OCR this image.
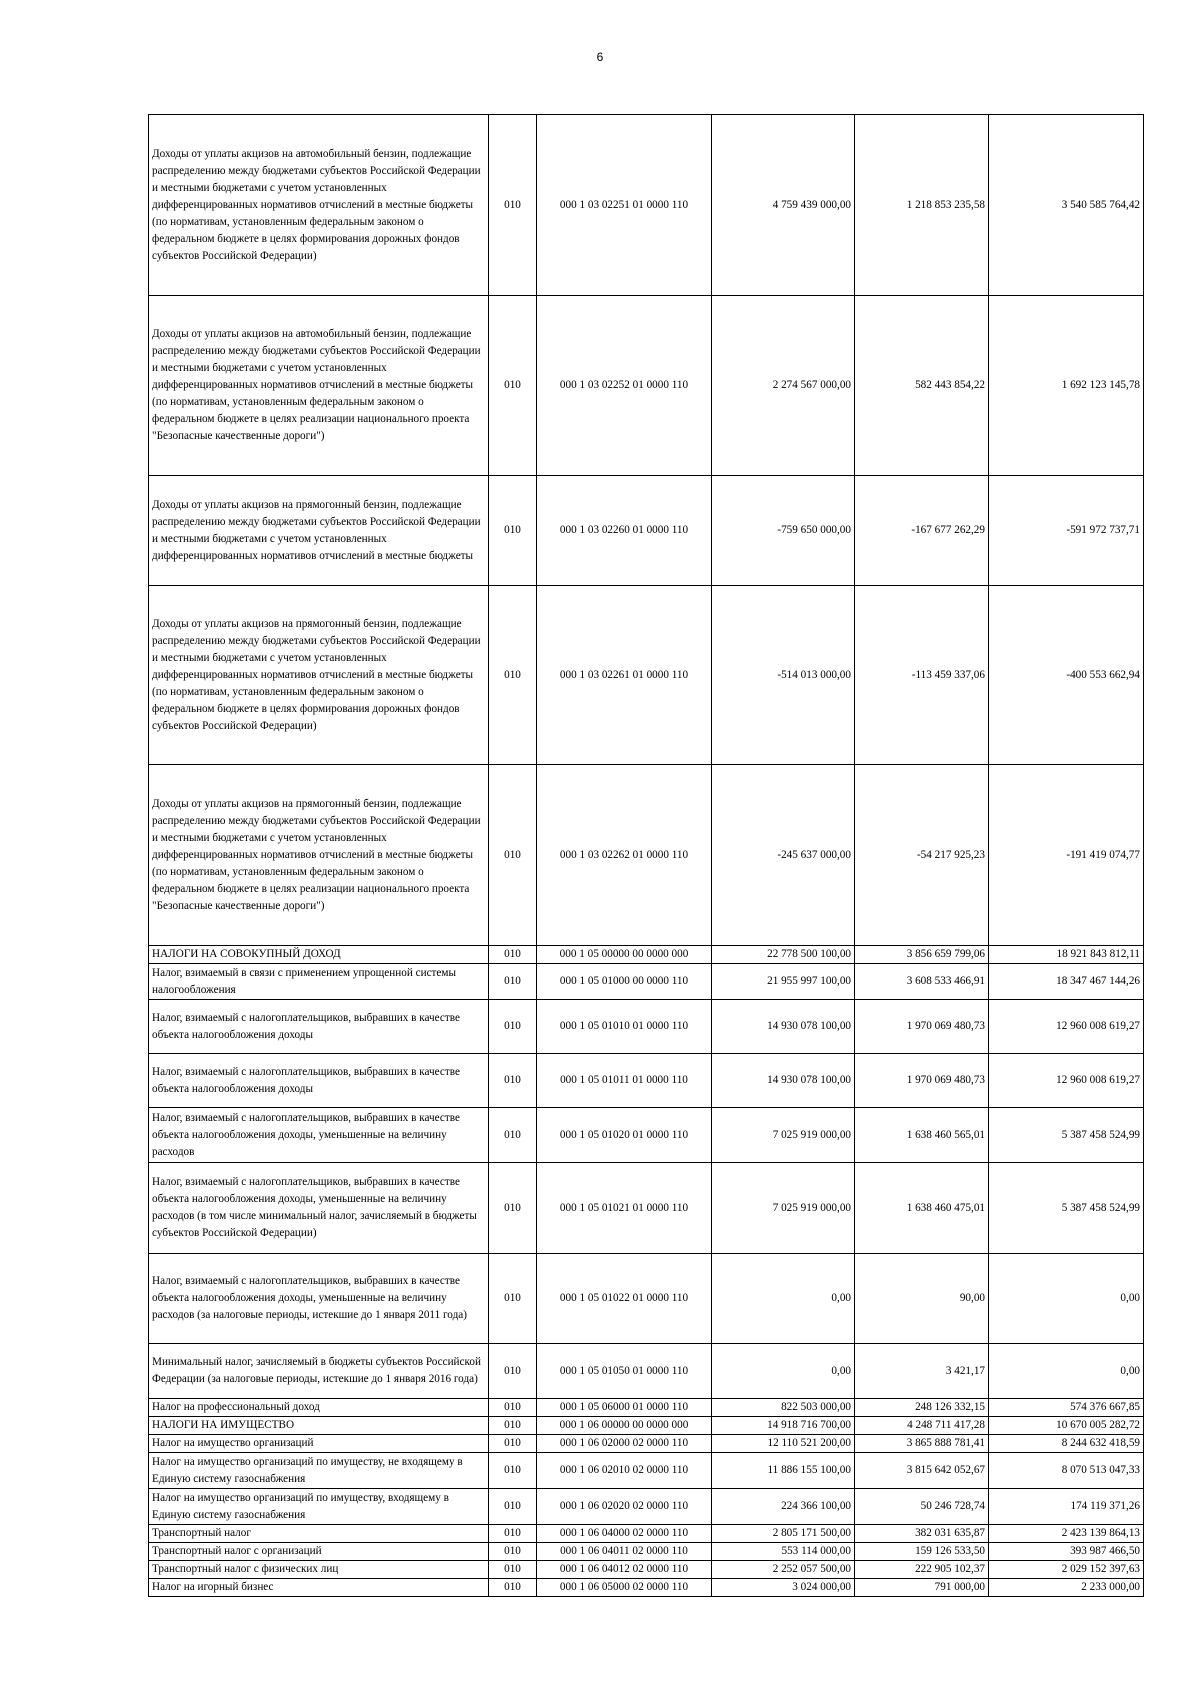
6
Доходы от уплаты акцизов на автомобильный бензин, подлежащие распределению между бюджетами субъектов Российской Федерации и местными бюджетами с учетом установленных дифференцированных нормативов отчислений в местные бюджеты (по нормативам, установленным федеральным законом о федеральном бюджете в целях формирования дорожных фондов субъектов Российской Федерации)	010	000 1 03 02251 01 0000 110	4 759 439 000,00	1 218 853 235,58	3 540 585 764,42
Доходы от уплаты акцизов на автомобильный бензин, подлежащие распределению между бюджетами субъектов Российской Федерации и местными бюджетами с учетом установленных дифференцированных нормативов отчислений в местные бюджеты (по нормативам, установленным федеральным законом о федеральном бюджете в целях реализации национального проекта "Безопасные качественные дороги")	010	000 1 03 02252 01 0000 110	2 274 567 000,00	582 443 854,22	1 692 123 145,78
Доходы от уплаты акцизов на прямогонный бензин, подлежащие распределению между бюджетами субъектов Российской Федерации и местными бюджетами с учетом установленных дифференцированных нормативов отчислений в местные бюджеты	010	000 1 03 02260 01 0000 110	-759 650 000,00	-167 677 262,29	-591 972 737,71
Доходы от уплаты акцизов на прямогонный бензин, подлежащие распределению между бюджетами субъектов Российской Федерации и местными бюджетами с учетом установленных дифференцированных нормативов отчислений в местные бюджеты (по нормативам, установленным федеральным законом о федеральном бюджете в целях формирования дорожных фондов субъектов Российской Федерации)	010	000 1 03 02261 01 0000 110	-514 013 000,00	-113 459 337,06	-400 553 662,94
Доходы от уплаты акцизов на прямогонный бензин, подлежащие распределению между бюджетами субъектов Российской Федерации и местными бюджетами с учетом установленных дифференцированных нормативов отчислений в местные бюджеты (по нормативам, установленным федеральным законом о федеральном бюджете в целях реализации национального проекта "Безопасные качественные дороги")	010	000 1 03 02262 01 0000 110	-245 637 000,00	-54 217 925,23	-191 419 074,77
НАЛОГИ НА СОВОКУПНЫЙ ДОХОД	010	000 1 05 00000 00 0000 000	22 778 500 100,00	3 856 659 799,06	18 921 843 812,11
Налог, взимаемый в связи с применением упрощенной системы налогообложения	010	000 1 05 01000 00 0000 110	21 955 997 100,00	3 608 533 466,91	18 347 467 144,26
Налог, взимаемый с налогоплательщиков, выбравших в качестве объекта налогообложения доходы	010	000 1 05 01010 01 0000 110	14 930 078 100,00	1 970 069 480,73	12 960 008 619,27
Налог, взимаемый с налогоплательщиков, выбравших в качестве объекта налогообложения доходы	010	000 1 05 01011 01 0000 110	14 930 078 100,00	1 970 069 480,73	12 960 008 619,27
Налог, взимаемый с налогоплательщиков, выбравших в качестве объекта налогообложения доходы, уменьшенные на величину расходов	010	000 1 05 01020 01 0000 110	7 025 919 000,00	1 638 460 565,01	5 387 458 524,99
Налог, взимаемый с налогоплательщиков, выбравших в качестве объекта налогообложения доходы, уменьшенные на величину расходов (в том числе минимальный налог, зачисляемый в бюджеты субъектов Российской Федерации)	010	000 1 05 01021 01 0000 110	7 025 919 000,00	1 638 460 475,01	5 387 458 524,99
Налог, взимаемый с налогоплательщиков, выбравших в качестве объекта налогообложения доходы, уменьшенные на величину расходов (за налоговые периоды, истекшие до 1 января 2011 года)	010	000 1 05 01022 01 0000 110	0,00	90,00	0,00
Минимальный налог, зачисляемый в бюджеты субъектов Российской Федерации (за налоговые периоды, истекшие до 1 января 2016 года)	010	000 1 05 01050 01 0000 110	0,00	3 421,17	0,00
Налог на профессиональный доход	010	000 1 05 06000 01 0000 110	822 503 000,00	248 126 332,15	574 376 667,85
НАЛОГИ НА ИМУЩЕСТВО	010	000 1 06 00000 00 0000 000	14 918 716 700,00	4 248 711 417,28	10 670 005 282,72
Налог на имущество организаций	010	000 1 06 02000 02 0000 110	12 110 521 200,00	3 865 888 781,41	8 244 632 418,59
Налог на имущество организаций по имуществу, не входящему в Единую систему газоснабжения	010	000 1 06 02010 02 0000 110	11 886 155 100,00	3 815 642 052,67	8 070 513 047,33
Налог на имущество организаций по имуществу, входящему в Единую систему газоснабжения	010	000 1 06 02020 02 0000 110	224 366 100,00	50 246 728,74	174 119 371,26
Транспортный налог	010	000 1 06 04000 02 0000 110	2 805 171 500,00	382 031 635,87	2 423 139 864,13
Транспортный налог с организаций	010	000 1 06 04011 02 0000 110	553 114 000,00	159 126 533,50	393 987 466,50
Транспортный налог с физических лиц	010	000 1 06 04012 02 0000 110	2 252 057 500,00	222 905 102,37	2 029 152 397,63
Налог на игорный бизнес	010	000 1 06 05000 02 0000 110	3 024 000,00	791 000,00	2 233 000,00
